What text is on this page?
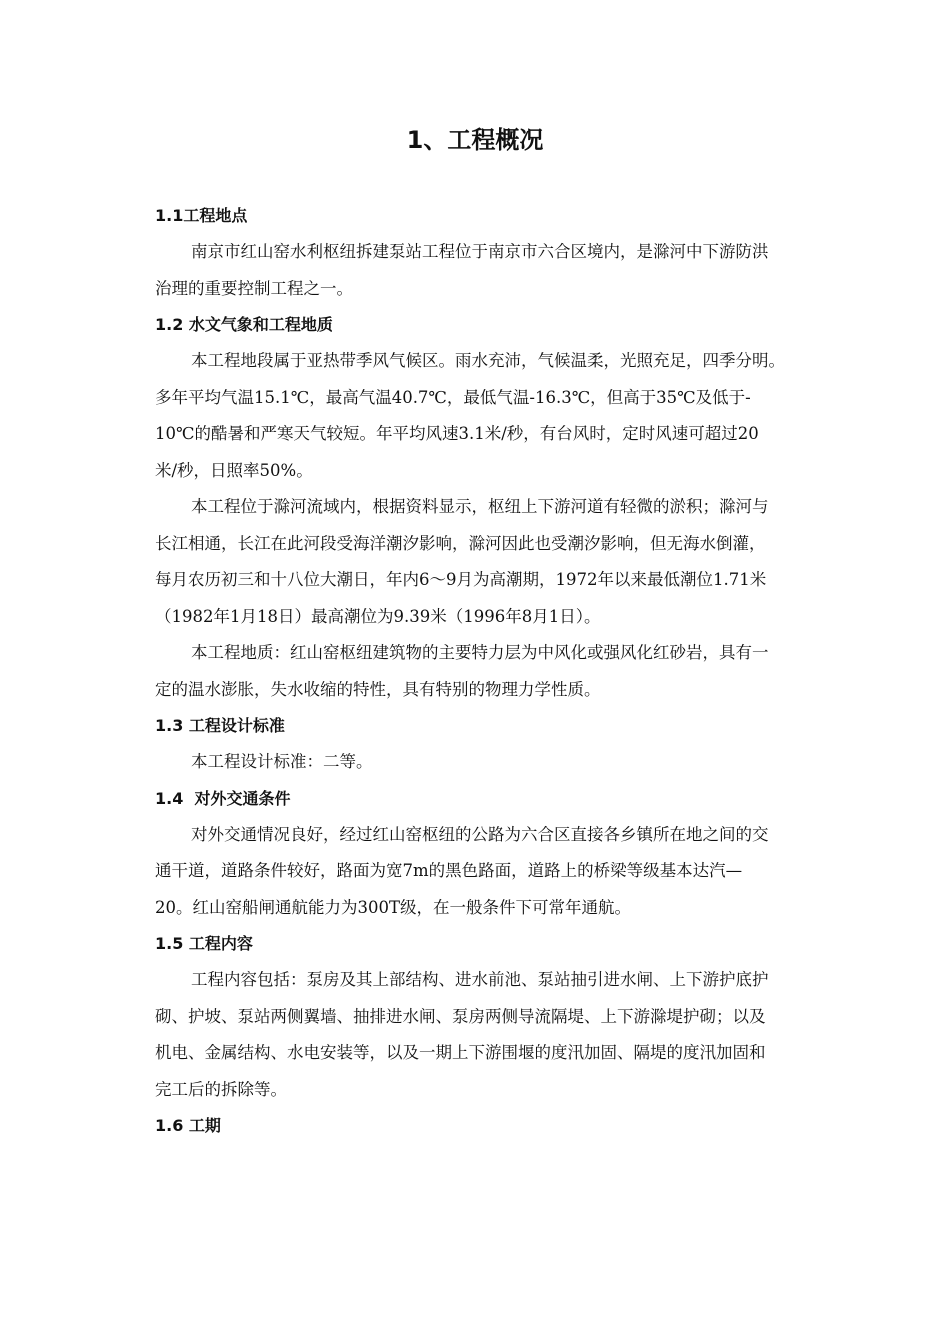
1、工程概况
1.1工程地点

南京市红山窑水利枢纽拆建泵站工程位于南京市六合区境内，是滁河中下游防洪
治理的重要控制工程之一。

1.2 水文气象和工程地质

本工程地段属于亚热带季风气候区。雨水充沛，气候温柔，光照充足，四季分明。
多年平均气温15.1℃，最高气温40.7℃，最低气温-16.3℃，但高于35℃及低于-
10℃的酷暑和严寒天气较短。年平均风速3.1米/秒，有台风时，定时风速可超过20
米/秒，日照率50%。

本工程位于滁河流域内，根据资料显示，枢纽上下游河道有轻微的淤积；滁河与
长江相通，长江在此河段受海洋潮汐影响，滁河因此也受潮汐影响，但无海水倒灌，
每月农历初三和十八位大潮日，年内6～9月为高潮期，1972年以来最低潮位1.71米
（1982年1月18日）最高潮位为9.39米（1996年8月1日）。

本工程地质：红山窑枢纽建筑物的主要特力层为中风化或强风化红砂岩，具有一
定的温水澎胀，失水收缩的特性，具有特别的物理力学性质。

1.3 工程设计标准

本工程设计标准：二等。

1.4  对外交通条件

对外交通情况良好，经过红山窑枢纽的公路为六合区直接各乡镇所在地之间的交
通干道，道路条件较好，路面为宽7m的黑色路面，道路上的桥梁等级基本达汽—
20。红山窑船闸通航能力为300T级，在一般条件下可常年通航。

1.5 工程内容

工程内容包括：泵房及其上部结构、进水前池、泵站抽引进水闸、上下游护底护
砌、护坡、泵站两侧翼墙、抽排进水闸、泵房两侧导流隔堤、上下游滁堤护砌；以及
机电、金属结构、水电安装等，以及一期上下游围堰的度汛加固、隔堤的度汛加固和
完工后的拆除等。

1.6 工期
